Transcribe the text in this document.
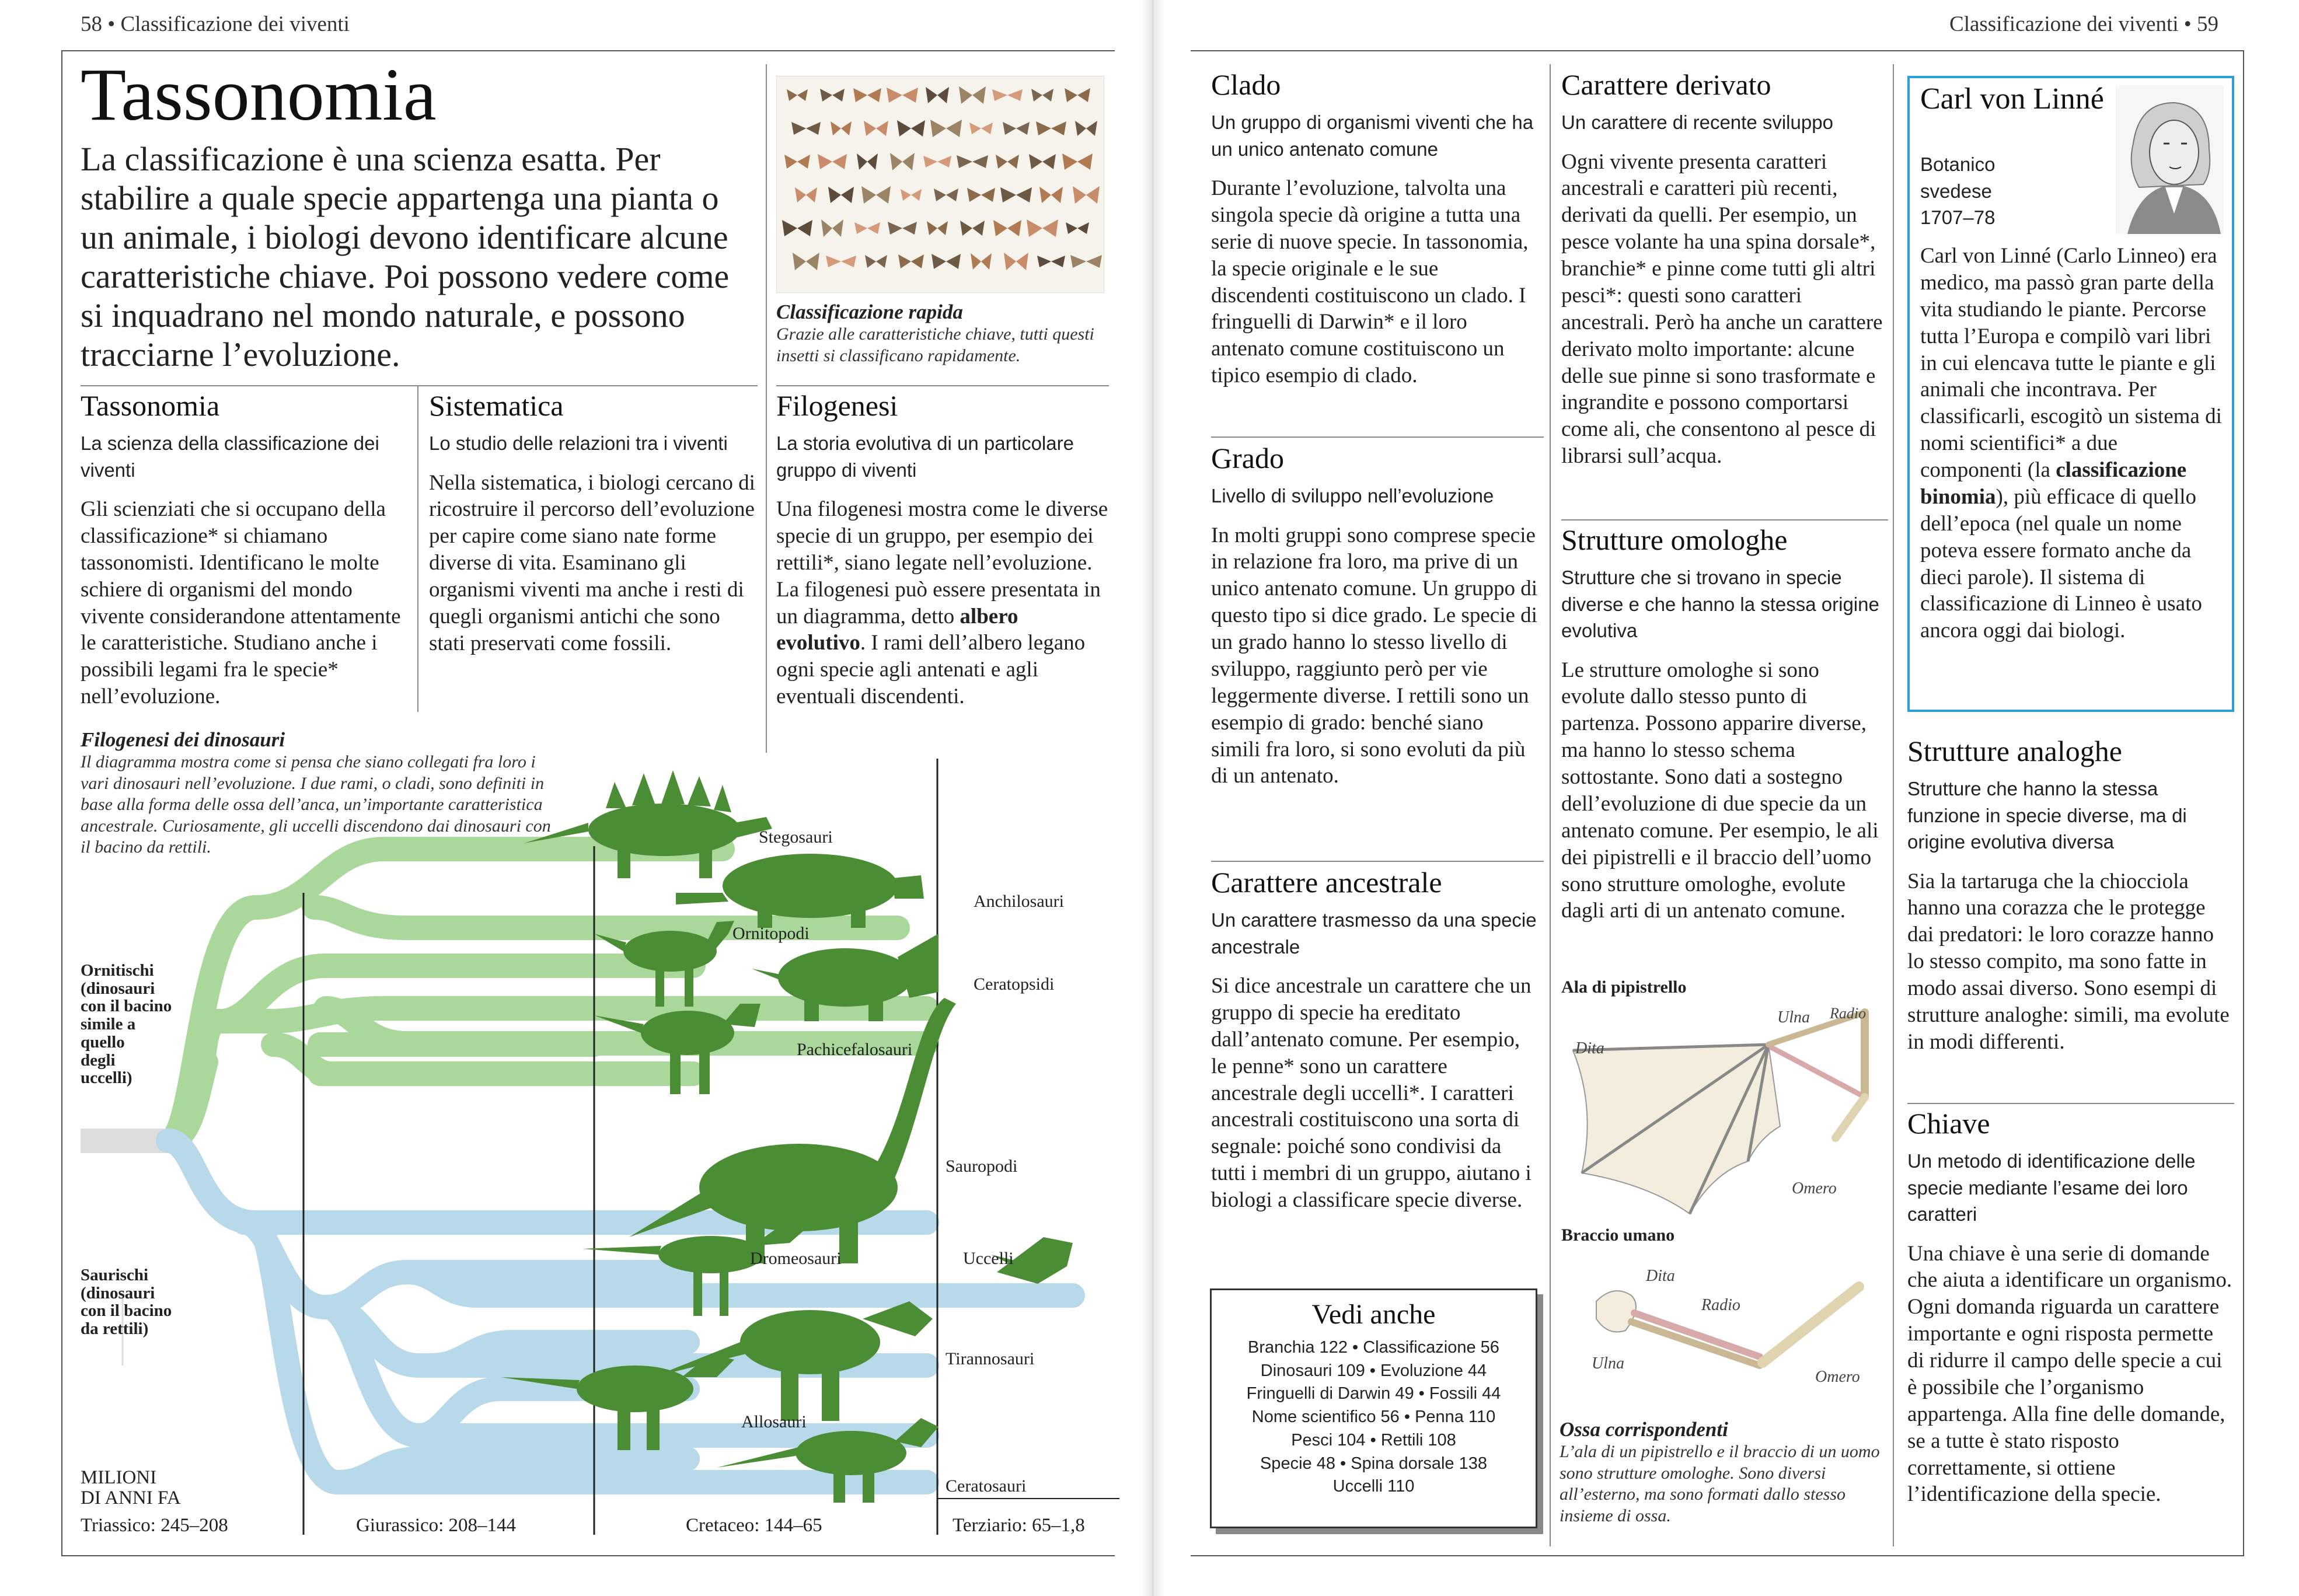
58 • Classificazione dei viventi	Classificazione dei viventi • 59
Tassonomia
La classificazione è una scienza esatta. Per stabilire a quale specie appartenga una pianta o un animale, i biologi devono identificare alcune caratteristiche chiave. Poi possono vedere come si inquadrano nel mondo naturale, e possono tracciarne l’evoluzione.
Classificazione rapida
Grazie alle caratteristiche chiave, tutti questi insetti si classificano rapidamente.
Tassonomia
La scienza della classificazione dei viventi
Gli scienziati che si occupano della classificazione* si chiamano tassonomisti. Identificano le molte schiere di organismi del mondo vivente considerandone attentamente le caratteristiche. Studiano anche i possibili legami fra le specie* nell’evoluzione.
Sistematica
Lo studio delle relazioni tra i viventi
Nella sistematica, i biologi cercano di ricostruire il percorso dell’evoluzione per capire come siano nate forme diverse di vita. Esaminano gli organismi viventi ma anche i resti di quegli organismi antichi che sono stati preservati come fossili.
Filogenesi
La storia evolutiva di un particolare gruppo di viventi
Una filogenesi mostra come le diverse specie di un gruppo, per esempio dei rettili*, siano legate nell’evoluzione. La filogenesi può essere presentata in un diagramma, detto albero evolutivo. I rami dell’albero legano ogni specie agli antenati e agli eventuali discendenti.
Filogenesi dei dinosauri
Il diagramma mostra come si pensa che siano collegati fra loro i vari dinosauri nell’evoluzione. I due rami, o cladi, sono definiti in base alla forma delle ossa dell’anca, un’importante caratteristica ancestrale. Curiosamente, gli uccelli discendono dai dinosauri con il bacino da rettili.
Stegosauri
Anchilosauri
Ornitopodi
Ceratopsidi
Pachicefalosauri
Sauropodi
Dromeosauri	Uccelli
Tirannosauri
Allosauri
Ceratosauri
Ornitischi
(dinosauri
con il bacino
simile a
quello
degli
uccelli)
Saurischi
(dinosauri
con il bacino
da rettili)
MILIONI
DI ANNI FA
Triassico: 245–208	Giurassico: 208–144	Cretaceo: 144–65	Terziario: 65–1,8
Clado
Un gruppo di organismi viventi che ha un unico antenato comune
Durante l’evoluzione, talvolta una singola specie dà origine a tutta una serie di nuove specie. In tassonomia, la specie originale e le sue discendenti costituiscono un clado. I fringuelli di Darwin* e il loro antenato comune costituiscono un tipico esempio di clado.
Grado
Livello di sviluppo nell’evoluzione
In molti gruppi sono comprese specie in relazione fra loro, ma prive di un unico antenato comune. Un gruppo di questo tipo si dice grado. Le specie di un grado hanno lo stesso livello di sviluppo, raggiunto però per vie leggermente diverse. I rettili sono un esempio di grado: benché siano simili fra loro, si sono evoluti da più di un antenato.
Carattere ancestrale
Un carattere trasmesso da una specie ancestrale
Si dice ancestrale un carattere che un gruppo di specie ha ereditato dall’antenato comune. Per esempio, le penne* sono un carattere ancestrale degli uccelli*. I caratteri ancestrali costituiscono una sorta di segnale: poiché sono condivisi da tutti i membri di un gruppo, aiutano i biologi a classificare specie diverse.
Vedi anche
Branchia 122 • Classificazione 56
Dinosauri 109 • Evoluzione 44
Fringuelli di Darwin 49 • Fossili 44
Nome scientifico 56 • Penna 110
Pesci 104 • Rettili 108
Specie 48 • Spina dorsale 138
Uccelli 110
Carattere derivato
Un carattere di recente sviluppo
Ogni vivente presenta caratteri ancestrali e caratteri più recenti, derivati da quelli. Per esempio, un pesce volante ha una spina dorsale*, branchie* e pinne come tutti gli altri pesci*: questi sono caratteri ancestrali. Però ha anche un carattere derivato molto importante: alcune delle sue pinne si sono trasformate e ingrandite e possono comportarsi come ali, che consentono al pesce di librarsi sull’acqua.
Strutture omologhe
Strutture che si trovano in specie diverse e che hanno la stessa origine evolutiva
Le strutture omologhe si sono evolute dallo stesso punto di partenza. Possono apparire diverse, ma hanno lo stesso schema sottostante. Sono dati a sostegno dell’evoluzione di due specie da un antenato comune. Per esempio, le ali dei pipistrelli e il braccio dell’uomo sono strutture omologhe, evolute dagli arti di un antenato comune.
Ala di pipistrello
Dita
Ulna Radio
Omero
Braccio umano
Dita
Radio
Ulna
Omero
Ossa corrispondenti
L’ala di un pipistrello e il braccio di un uomo sono strutture omologhe. Sono diversi all’esterno, ma sono formati dallo stesso insieme di ossa.
Carl von Linné
Botanico
svedese
1707–78
Carl von Linné (Carlo Linneo) era medico, ma passò gran parte della vita studiando le piante. Percorse tutta l’Europa e compilò vari libri in cui elencava tutte le piante e gli animali che incontrava. Per classificarli, escogitò un sistema di nomi scientifici* a due componenti (la classificazione binomia), più efficace di quello dell’epoca (nel quale un nome poteva essere formato anche da dieci parole). Il sistema di classificazione di Linneo è usato ancora oggi dai biologi.
Strutture analoghe
Strutture che hanno la stessa funzione in specie diverse, ma di origine evolutiva diversa
Sia la tartaruga che la chiocciola hanno una corazza che le protegge dai predatori: le loro corazze hanno lo stesso compito, ma sono fatte in modo assai diverso. Sono esempi di strutture analoghe: simili, ma evolute in modi differenti.
Chiave
Un metodo di identificazione delle specie mediante l’esame dei loro caratteri
Una chiave è una serie di domande che aiuta a identificare un organismo. Ogni domanda riguarda un carattere importante e ogni risposta permette di ridurre il campo delle specie a cui è possibile che l’organismo appartenga. Alla fine delle domande, se a tutte è stato risposto correttamente, si ottiene l’identificazione della specie.
